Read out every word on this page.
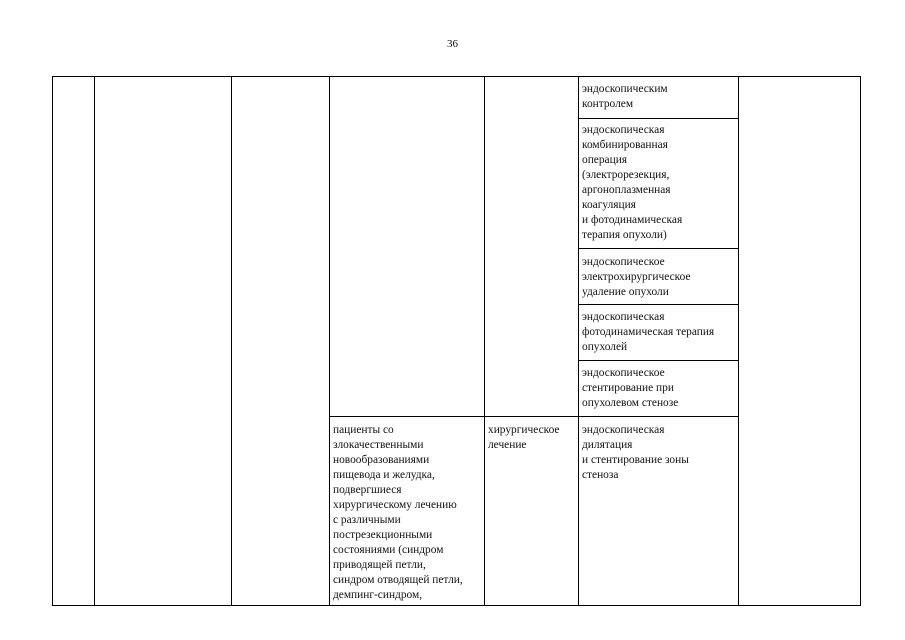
36

эндоскопическим
контролем

эндоскопическая
комбинированная
операция
(электрорезекция,
аргоноплазменная
коагуляция
и фотодинамическая
терапия опухоли)

эндоскопическое
электрохирургическое
удаление опухоли

эндоскопическая
фотодинамическая терапия
опухолей

эндоскопическое
стентирование при
опухолевом стенозе

эндоскопическая
дилятация
и стентирование зоны
стеноза

пациенты со
злокачественными
новообразованиями
пищевода и желудка,
подвергшиеся
хирургическому лечению
с различными
пострезекционными
состояниями (синдром
приводящей петли,
синдром отводящей петли,
демпинг-синдром,

хирургическое
лечение
